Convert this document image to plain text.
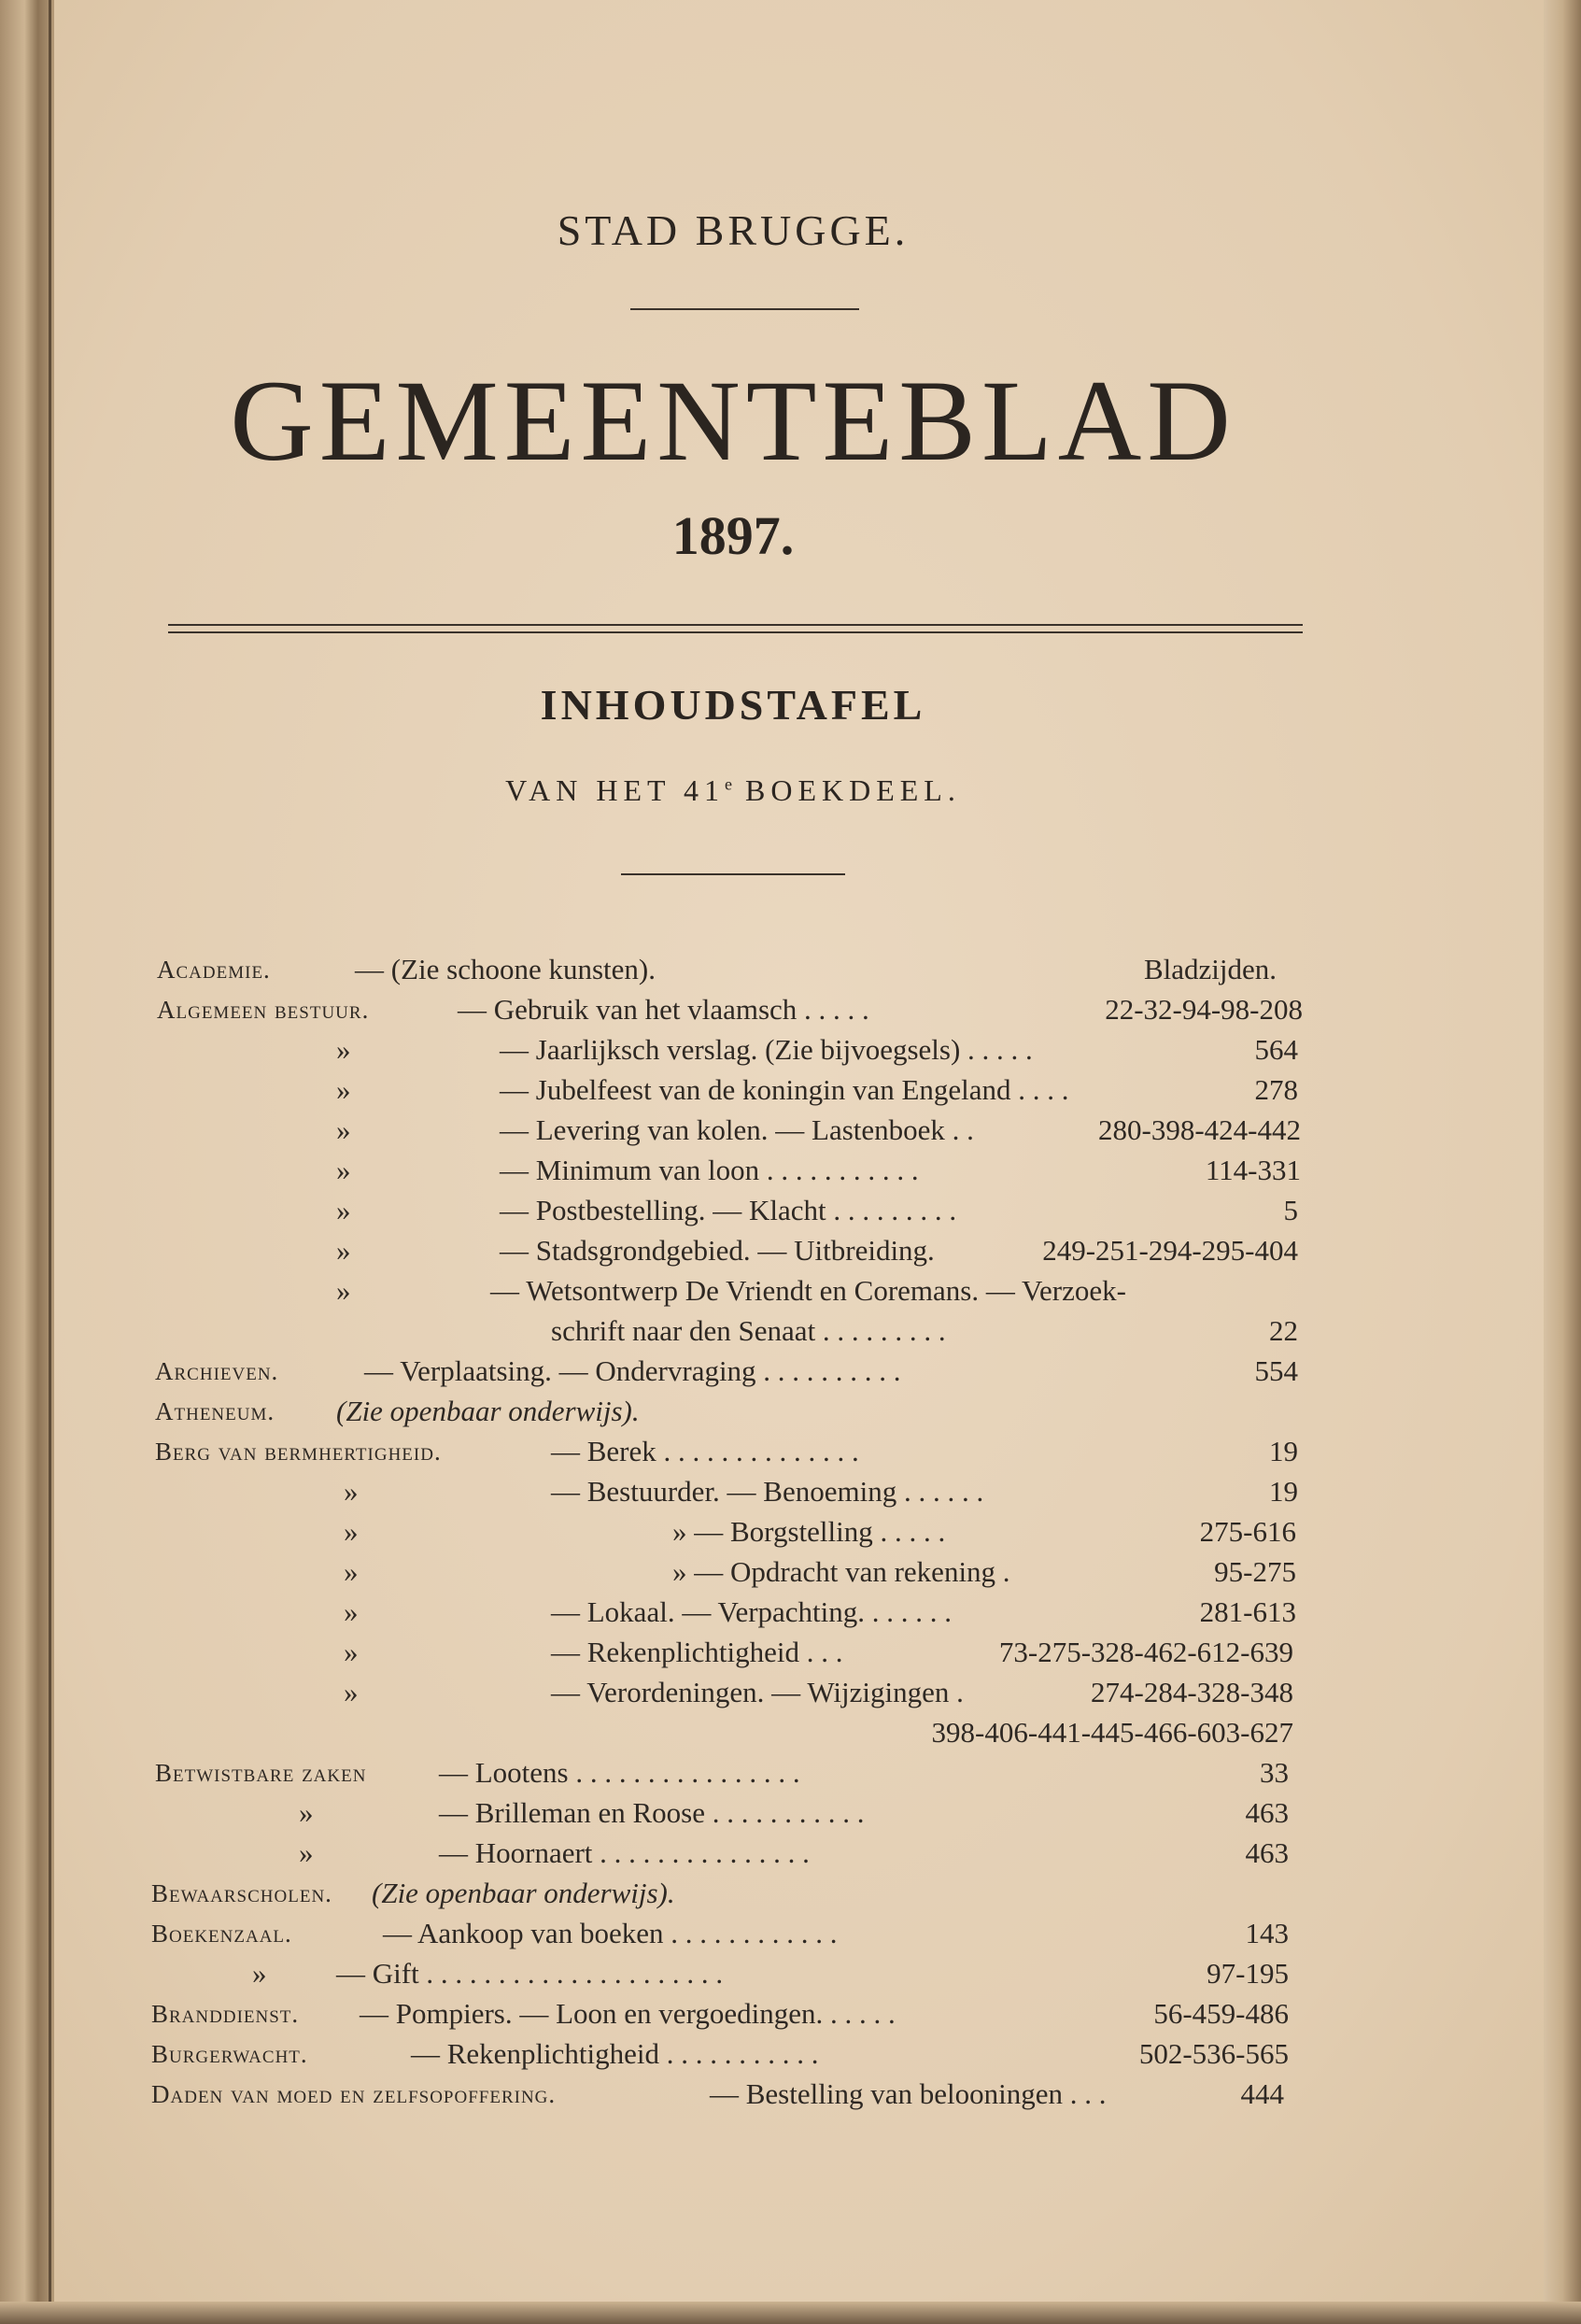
STAD BRUGGE.
GEMEENTEBLAD
1897.
INHOUDSTAFEL
VAN HET 41e BOEKDEEL.
Bladzijden.
Academie.	— (Zie schoone kunsten).
Algemeen bestuur.	— Gebruik van het vlaamsch . . . . .	22-32-94-98-208
»	— Jaarlijksch verslag. (Zie bijvoegsels) . . . . .	564
»	— Jubelfeest van de koningin van Engeland . . . .	278
»	— Levering van kolen. — Lastenboek . .	280-398-424-442
»	— Minimum van loon . . . . . . . . . . .	114-331
»	— Postbestelling. — Klacht . . . . . . . . .	5
»	— Stadsgrondgebied. — Uitbreiding.	249-251-294-295-404
»	— Wetsontwerp De Vriendt en Coremans. — Verzoek-
schrift naar den Senaat . . . . . . . . .	22
Archieven.	— Verplaatsing. — Ondervraging . . . . . . . . . .	554
Atheneum. (Zie openbaar onderwijs).
Berg van bermhertigheid.	— Berek . . . . . . . . . . . . . .	19
»	— Bestuurder. — Benoeming . . . . . .	19
»	» — Borgstelling . . . . .	275-616
»	» — Opdracht van rekening .	95-275
»	— Lokaal. — Verpachting. . . . . . .	281-613
»	— Rekenplichtigheid . . .	73-275-328-462-612-639
»	— Verordeningen. — Wijzigingen .	274-284-328-348
398-406-441-445-466-603-627
Betwistbare zaken	— Lootens . . . . . . . . . . . . . . . .	33
»	— Brilleman en Roose . . . . . . . . . . .	463
»	— Hoornaert . . . . . . . . . . . . . . .	463
Bewaarscholen. (Zie openbaar onderwijs).
Boekenzaal.	— Aankoop van boeken . . . . . . . . . . . .	143
» — Gift . . . . . . . . . . . . . . . . . . . . .	97-195
Branddienst. — Pompiers. — Loon en vergoedingen. . . . . .	56-459-486
Burgerwacht.	— Rekenplichtigheid . . . . . . . . . . .	502-536-565
Daden van moed en zelfsopoffering.	— Bestelling van belooningen . . .	444
